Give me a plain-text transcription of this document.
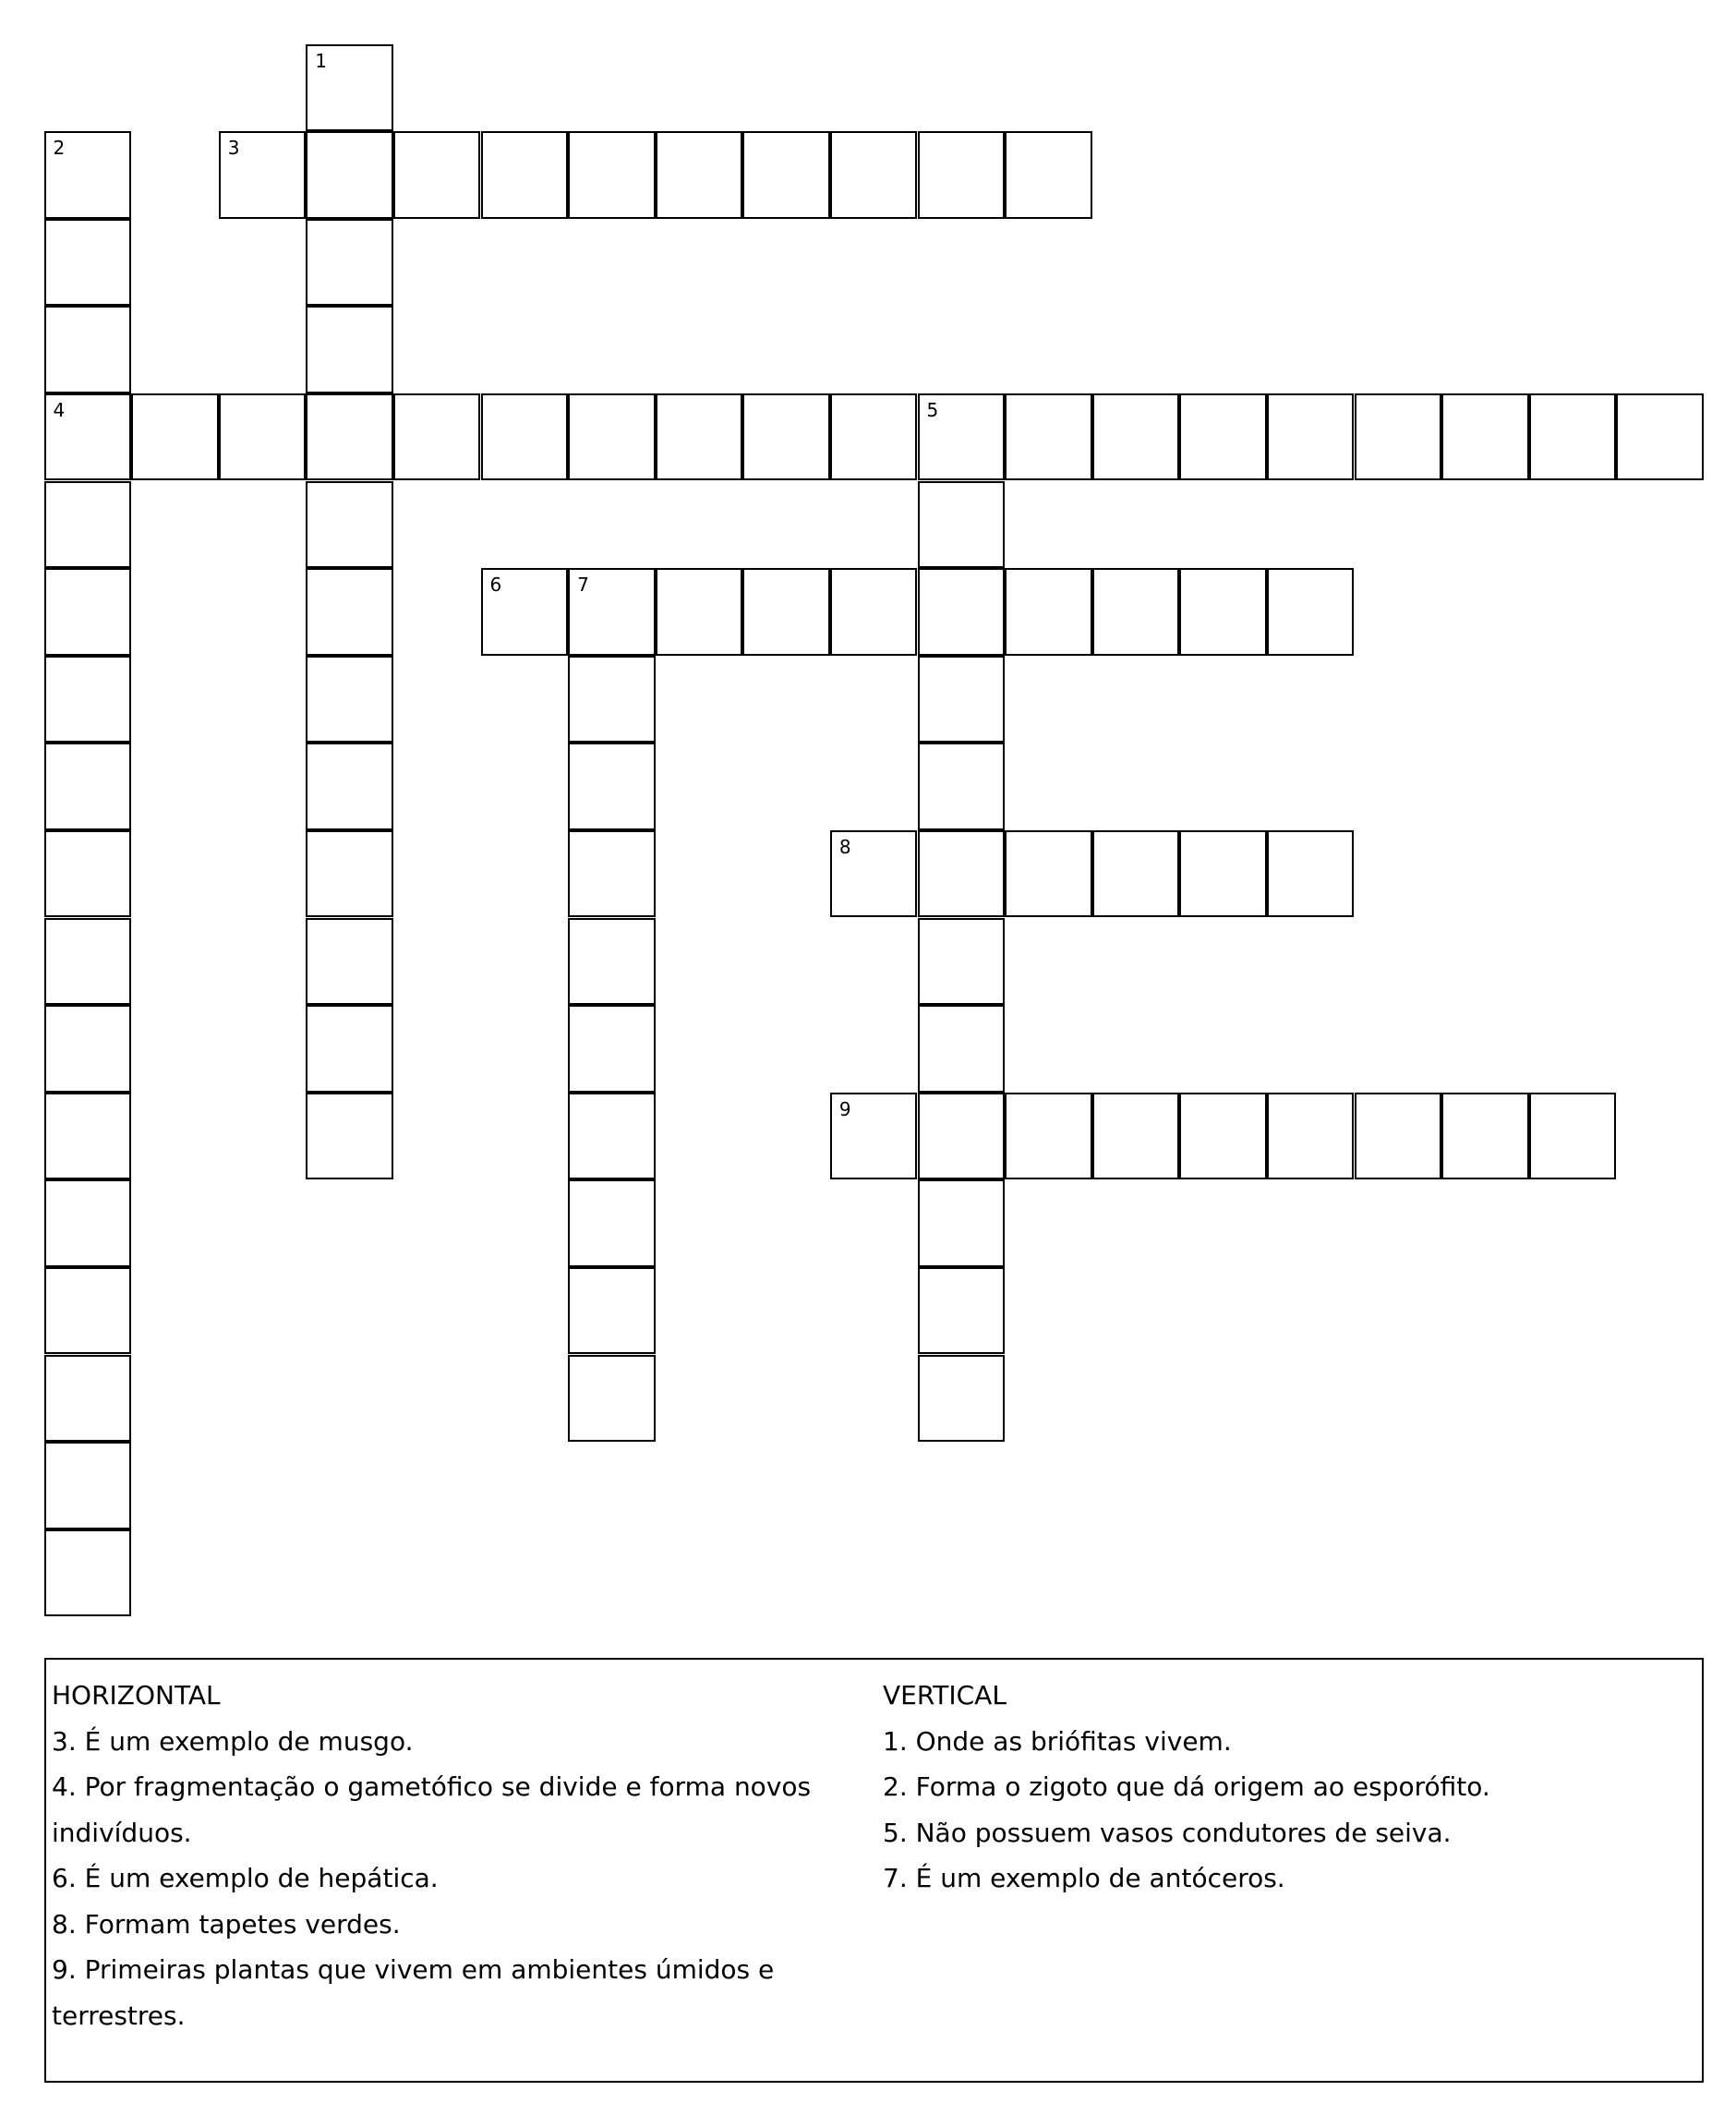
1
2
4
3
5
6	7
8
9
HORIZONTAL
3. É um exemplo de musgo.
4. Por fragmentação o gametófico se divide e forma novos indivíduos.
6. É um exemplo de hepática.
8. Formam tapetes verdes.
9. Primeiras plantas que vivem em ambientes úmidos e terrestres.
VERTICAL
1. Onde as briófitas vivem.
2. Forma o zigoto que dá origem ao esporófito.
5. Não possuem vasos condutores de seiva.
7. É um exemplo de antóceros.
